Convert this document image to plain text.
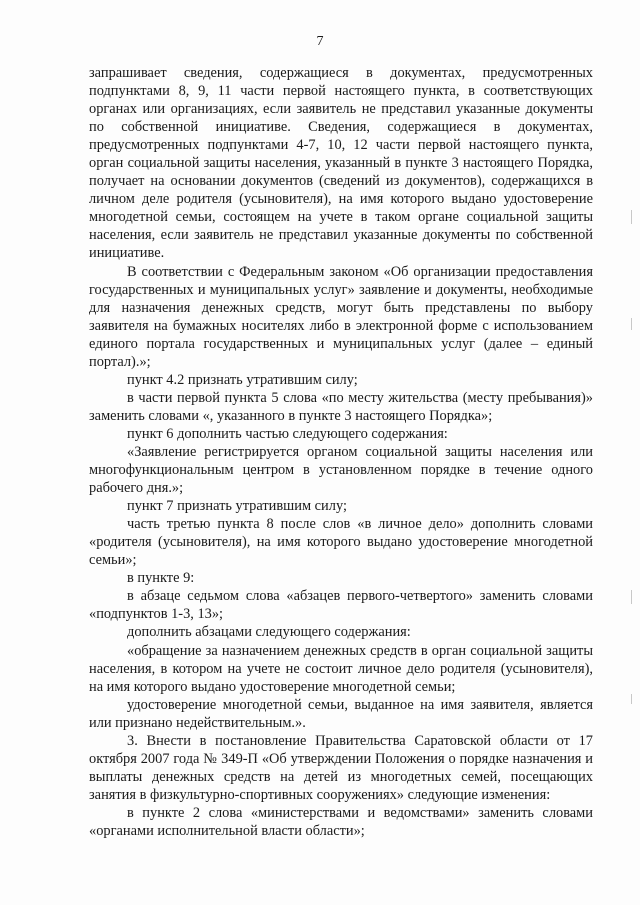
7

запрашивает сведения, содержащиеся в документах, предусмотренных подпунктами 8, 9, 11 части первой настоящего пункта, в соответствующих органах или организациях, если заявитель не представил указанные документы по собственной инициативе. Сведения, содержащиеся в документах, предусмотренных подпунктами 4-7, 10, 12 части первой настоящего пункта, орган социальной защиты населения, указанный в пункте 3 настоящего Порядка, получает на основании документов (сведений из документов), содержащихся в личном деле родителя (усыновителя), на имя которого выдано удостоверение многодетной семьи, состоящем на учете в таком органе социальной защиты населения, если заявитель не представил указанные документы по собственной инициативе.

В соответствии с Федеральным законом «Об организации предоставления государственных и муниципальных услуг» заявление и документы, необходимые для назначения денежных средств, могут быть представлены по выбору заявителя на бумажных носителях либо в электронной форме с использованием единого портала государственных и муниципальных услуг (далее – единый портал).»;

пункт 4.2 признать утратившим силу;

в части первой пункта 5 слова «по месту жительства (месту пребывания)» заменить словами «, указанного в пункте 3 настоящего Порядка»;

пункт 6 дополнить частью следующего содержания:

«Заявление регистрируется органом социальной защиты населения или многофункциональным центром в установленном порядке в течение одного рабочего дня.»;

пункт 7 признать утратившим силу;

часть третью пункта 8 после слов «в личное дело» дополнить словами «родителя (усыновителя), на имя которого выдано удостоверение многодетной семьи»;

в пункте 9:

в абзаце седьмом слова «абзацев первого-четвертого» заменить словами «подпунктов 1-3, 13»;

дополнить абзацами следующего содержания:

«обращение за назначением денежных средств в орган социальной защиты населения, в котором на учете не состоит личное дело родителя (усыновителя), на имя которого выдано удостоверение многодетной семьи;

удостоверение многодетной семьи, выданное на имя заявителя, является или признано недействительным.».

3. Внести в постановление Правительства Саратовской области от 17 октября 2007 года № 349-П «Об утверждении Положения о порядке назначения и выплаты денежных средств на детей из многодетных семей, посещающих занятия в физкультурно-спортивных сооружениях» следующие изменения:

в пункте 2 слова «министерствами и ведомствами» заменить словами «органами исполнительной власти области»;
